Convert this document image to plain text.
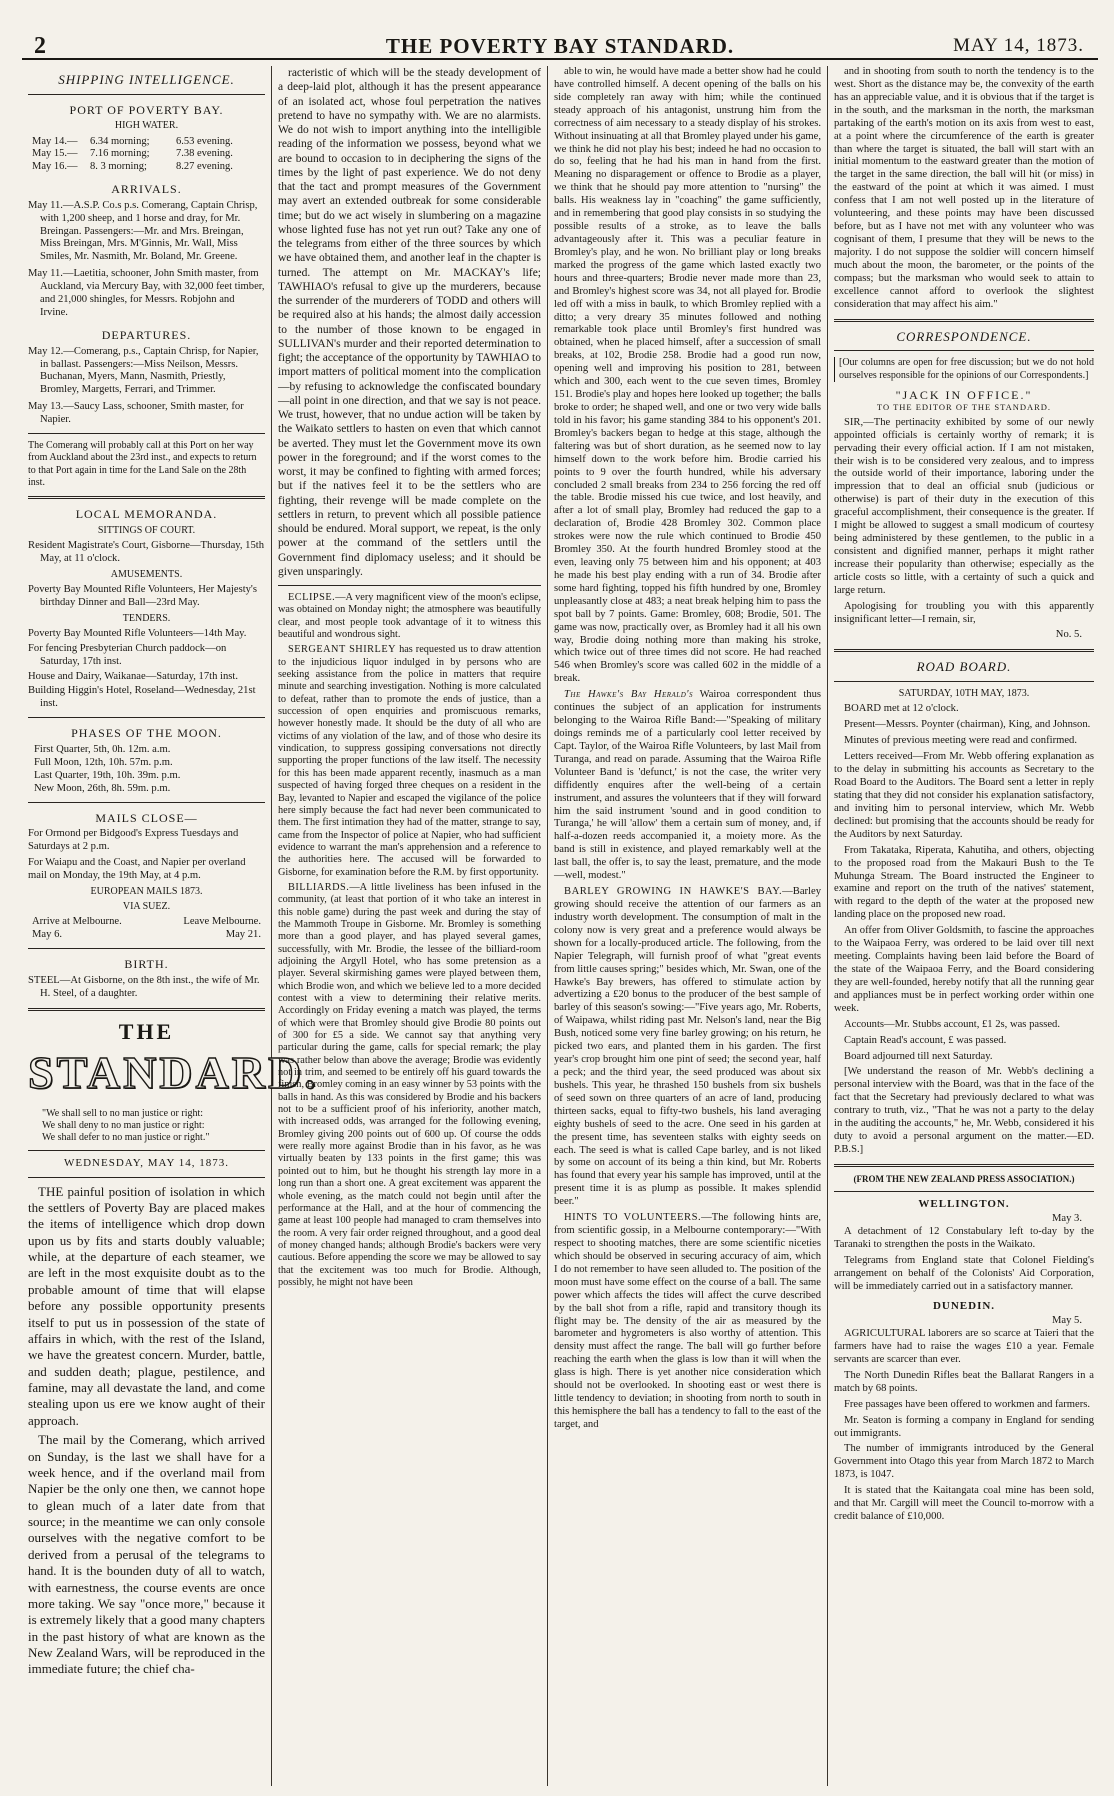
2	THE POVERTY BAY STANDARD.	MAY 14, 1873.
SHIPPING INTELLIGENCE.
PORT OF POVERTY BAY.
HIGH WATER.
May 14.—	6.34 morning;	6.53 evening.
May 15.—	7.16 morning;	7.38 evening.
May 16.—	8. 3 morning;	8.27 evening.
ARRIVALS.

May 11.—A.S.P. Co.s p.s. Comerang, Captain Chrisp, with 1,200 sheep, and 1 horse and dray, for Mr. Breingan. Passengers:—Mr. and Mrs. Breingan, Miss Breingan, Mrs. M'Ginnis, Mr. Wall, Miss Smiles, Mr. Nasmith, Mr. Boland, Mr. Greene.

May 11.—Laetitia, schooner, John Smith master, from Auckland, via Mercury Bay, with 32,000 feet timber, and 21,000 shingles, for Messrs. Robjohn and Irvine.

DEPARTURES.

May 12.—Comerang, p.s., Captain Chrisp, for Napier, in ballast. Passengers:—Miss Neilson, Messrs. Buchanan, Myers, Mann, Nasmith, Priestly, Bromley, Margetts, Ferrari, and Trimmer.

May 13.—Saucy Lass, schooner, Smith master, for Napier.

The Comerang will probably call at this Port on her way from Auckland about the 23rd inst., and expects to return to that Port again in time for the Land Sale on the 28th inst.

LOCAL MEMORANDA.
SITTINGS OF COURT.

Resident Magistrate's Court, Gisborne—Thursday, 15th May, at 11 o'clock.

AMUSEMENTS.

Poverty Bay Mounted Rifle Volunteers, Her Majesty's birthday Dinner and Ball—23rd May.

TENDERS.

Poverty Bay Mounted Rifle Volunteers—14th May.

For fencing Presbyterian Church paddock—on Saturday, 17th inst.

House and Dairy, Waikanae—Saturday, 17th inst.

Building Higgin's Hotel, Roseland—Wednesday, 21st inst.

PHASES OF THE MOON.
First Quarter, 5th, 0h. 12m. a.m.
Full Moon, 12th, 10h. 57m. p.m.
Last Quarter, 19th, 10h. 39m. p.m.
New Moon, 26th, 8h. 59m. p.m.
MAILS CLOSE—

For Ormond per Bidgood's Express Tuesdays and Saturdays at 2 p.m.

For Waiapu and the Coast, and Napier per overland mail on Monday, the 19th May, at 4 p.m.

EUROPEAN MAILS 1873.
VIA SUEZ.
Arrive at Melbourne.	Leave Melbourne.
May 6.	May 21.
BIRTH.

STEEL—At Gisborne, on the 8th inst., the wife of Mr. H. Steel, of a daughter.

THE
STANDARD.
"We shall sell to no man justice or right:
We shall deny to no man justice or right:
We shall defer to no man justice or right."
WEDNESDAY, MAY 14, 1873.

THE painful position of isolation in which the settlers of Poverty Bay are placed makes the items of intelligence which drop down upon us by fits and starts doubly valuable; while, at the departure of each steamer, we are left in the most exquisite doubt as to the probable amount of time that will elapse before any possible opportunity presents itself to put us in possession of the state of affairs in which, with the rest of the Island, we have the greatest concern. Murder, battle, and sudden death; plague, pestilence, and famine, may all devastate the land, and come stealing upon us ere we know aught of their approach.

The mail by the Comerang, which arrived on Sunday, is the last we shall have for a week hence, and if the overland mail from Napier be the only one then, we cannot hope to glean much of a later date from that source; in the meantime we can only console ourselves with the negative comfort to be derived from a perusal of the telegrams to hand. It is the bounden duty of all to watch, with earnestness, the course events are once more taking. We say "once more," because it is extremely likely that a good many chapters in the past history of what are known as the New Zealand Wars, will be reproduced in the immediate future; the chief cha-

racteristic of which will be the steady development of a deep-laid plot, although it has the present appearance of an isolated act, whose foul perpetration the natives pretend to have no sympathy with. We are no alarmists. We do not wish to import anything into the intelligible reading of the information we possess, beyond what we are bound to occasion to in deciphering the signs of the times by the light of past experience. We do not deny that the tact and prompt measures of the Government may avert an extended outbreak for some considerable time; but do we act wisely in slumbering on a magazine whose lighted fuse has not yet run out? Take any one of the telegrams from either of the three sources by which we have obtained them, and another leaf in the chapter is turned. The attempt on Mr. MACKAY's life; TAWHIAO's refusal to give up the murderers, because the surrender of the murderers of TODD and others will be required also at his hands; the almost daily accession to the number of those known to be engaged in SULLIVAN's murder and their reported determination to fight; the acceptance of the opportunity by TAWHIAO to import matters of political moment into the complication—by refusing to acknowledge the confiscated boundary—all point in one direction, and that we say is not peace. We trust, however, that no undue action will be taken by the Waikato settlers to hasten on even that which cannot be averted. They must let the Government move its own power in the foreground; and if the worst comes to the worst, it may be confined to fighting with armed forces; but if the natives feel it to be the settlers who are fighting, their revenge will be made complete on the settlers in return, to prevent which all possible patience should be endured. Moral support, we repeat, is the only power at the command of the settlers until the Government find diplomacy useless; and it should be given unsparingly.

ECLIPSE.—A very magnificent view of the moon's eclipse, was obtained on Monday night; the atmosphere was beautifully clear, and most people took advantage of it to witness this beautiful and wondrous sight.

SERGEANT SHIRLEY has requested us to draw attention to the injudicious liquor indulged in by persons who are seeking assistance from the police in matters that require minute and searching investigation. Nothing is more calculated to defeat, rather than to promote the ends of justice, than a succession of open enquiries and promiscuous remarks, however honestly made. It should be the duty of all who are victims of any violation of the law, and of those who desire its vindication, to suppress gossiping conversations not directly supporting the proper functions of the law itself. The necessity for this has been made apparent recently, inasmuch as a man suspected of having forged three cheques on a resident in the Bay, levanted to Napier and escaped the vigilance of the police here simply because the fact had never been communicated to them. The first intimation they had of the matter, strange to say, came from the Inspector of police at Napier, who had sufficient evidence to warrant the man's apprehension and a reference to the authorities here. The accused will be forwarded to Gisborne, for examination before the R.M. by first opportunity.

BILLIARDS.—A little liveliness has been infused in the community, (at least that portion of it who take an interest in this noble game) during the past week and during the stay of the Mammoth Troupe in Gisborne. Mr. Bromley is something more than a good player, and has played several games, successfully, with Mr. Brodie, the lessee of the billiard-room adjoining the Argyll Hotel, who has some pretension as a player. Several skirmishing games were played between them, which Brodie won, and which we believe led to a more decided contest with a view to determining their relative merits. Accordingly on Friday evening a match was played, the terms of which were that Bromley should give Brodie 80 points out of 300 for £5 a side. We cannot say that anything very particular during the game, calls for special remark; the play was rather below than above the average; Brodie was evidently not in trim, and seemed to be entirely off his guard towards the finish, Bromley coming in an easy winner by 53 points with the balls in hand. As this was considered by Brodie and his backers not to be a sufficient proof of his inferiority, another match, with increased odds, was arranged for the following evening, Bromley giving 200 points out of 600 up. Of course the odds were really more against Brodie than in his favor, as he was virtually beaten by 133 points in the first game; this was pointed out to him, but he thought his strength lay more in a long run than a short one. A great excitement was apparent the whole evening, as the match could not begin until after the performance at the Hall, and at the hour of commencing the game at least 100 people had managed to cram themselves into the room. A very fair order reigned throughout, and a good deal of money changed hands; although Brodie's backers were very cautious. Before appending the score we may be allowed to say that the excitement was too much for Brodie. Although, possibly, he might not have been

able to win, he would have made a better show had he could have controlled himself. A decent opening of the balls on his side completely ran away with him; while the continued steady approach of his antagonist, unstrung him from the correctness of aim necessary to a steady display of his strokes. Without insinuating at all that Bromley played under his game, we think he did not play his best; indeed he had no occasion to do so, feeling that he had his man in hand from the first. Meaning no disparagement or offence to Brodie as a player, we think that he should pay more attention to "nursing" the balls. His weakness lay in "coaching" the game sufficiently, and in remembering that good play consists in so studying the possible results of a stroke, as to leave the balls advantageously after it. This was a peculiar feature in Bromley's play, and he won. No brilliant play or long breaks marked the progress of the game which lasted exactly two hours and three-quarters; Brodie never made more than 23, and Bromley's highest score was 34, not all played for. Brodie led off with a miss in baulk, to which Bromley replied with a ditto; a very dreary 35 minutes followed and nothing remarkable took place until Bromley's first hundred was obtained, when he placed himself, after a succession of small breaks, at 102, Brodie 258. Brodie had a good run now, opening well and improving his position to 281, between which and 300, each went to the cue seven times, Bromley 151. Brodie's play and hopes here looked up together; the balls broke to order; he shaped well, and one or two very wide balls told in his favor; his game standing 384 to his opponent's 201. Bromley's backers began to hedge at this stage, although the faltering was but of short duration, as he seemed now to lay himself down to the work before him. Brodie carried his points to 9 over the fourth hundred, while his adversary concluded 2 small breaks from 234 to 256 forcing the red off the table. Brodie missed his cue twice, and lost heavily, and after a lot of small play, Bromley had reduced the gap to a declaration of, Brodie 428 Bromley 302. Common place strokes were now the rule which continued to Brodie 450 Bromley 350. At the fourth hundred Bromley stood at the even, leaving only 75 between him and his opponent; at 403 he made his best play ending with a run of 34. Brodie after some hard fighting, topped his fifth hundred by one, Bromley unpleasantly close at 483; a neat break helping him to pass the spot ball by 7 points. Game: Bromley, 608; Brodie, 501. The game was now, practically over, as Bromley had it all his own way, Brodie doing nothing more than making his stroke, which twice out of three times did not score. He had reached 546 when Bromley's score was called 602 in the middle of a break.

The Hawke's Bay Herald's Wairoa correspondent thus continues the subject of an application for instruments belonging to the Wairoa Rifle Band:—"Speaking of military doings reminds me of a particularly cool letter received by Capt. Taylor, of the Wairoa Rifle Volunteers, by last Mail from Turanga, and read on parade. Assuming that the Wairoa Rifle Volunteer Band is 'defunct,' is not the case, the writer very diffidently enquires after the well-being of a certain instrument, and assures the volunteers that if they will forward him the said instrument 'sound and in good condition to Turanga,' he will 'allow' them a certain sum of money, and, if half-a-dozen reeds accompanied it, a moiety more. As the band is still in existence, and played remarkably well at the last ball, the offer is, to say the least, premature, and the mode—well, modest."

BARLEY GROWING IN HAWKE'S BAY.—Barley growing should receive the attention of our farmers as an industry worth development. The consumption of malt in the colony now is very great and a preference would always be shown for a locally-produced article. The following, from the Napier Telegraph, will furnish proof of what "great events from little causes spring;" besides which, Mr. Swan, one of the Hawke's Bay brewers, has offered to stimulate action by advertizing a £20 bonus to the producer of the best sample of barley of this season's sowing:—"Five years ago, Mr. Roberts, of Waipawa, whilst riding past Mr. Nelson's land, near the Big Bush, noticed some very fine barley growing; on his return, he picked two ears, and planted them in his garden. The first year's crop brought him one pint of seed; the second year, half a peck; and the third year, the seed produced was about six bushels. This year, he thrashed 150 bushels from six bushels of seed sown on three quarters of an acre of land, producing thirteen sacks, equal to fifty-two bushels, his land averaging eighty bushels of seed to the acre. One seed in his garden at the present time, has seventeen stalks with eighty seeds on each. The seed is what is called Cape barley, and is not liked by some on account of its being a thin kind, but Mr. Roberts has found that every year his sample has improved, until at the present time it is as plump as possible. It makes splendid beer."

HINTS TO VOLUNTEERS.—The following hints are, from scientific gossip, in a Melbourne contemporary:—"With respect to shooting matches, there are some scientific niceties which should be observed in securing accuracy of aim, which I do not remember to have seen alluded to. The position of the moon must have some effect on the course of a ball. The same power which affects the tides will affect the curve described by the ball shot from a rifle, rapid and transitory though its flight may be. The density of the air as measured by the barometer and hygrometers is also worthy of attention. This density must affect the range. The ball will go further before reaching the earth when the glass is low than it will when the glass is high. There is yet another nice consideration which should not be overlooked. In shooting east or west there is little tendency to deviation; in shooting from north to south in this hemisphere the ball has a tendency to fall to the east of the target, and

and in shooting from south to north the tendency is to the west. Short as the distance may be, the convexity of the earth has an appreciable value, and it is obvious that if the target is in the south, and the marksman in the north, the marksman partaking of the earth's motion on its axis from west to east, at a point where the circumference of the earth is greater than where the target is situated, the ball will start with an initial momentum to the eastward greater than the motion of the target in the same direction, the ball will hit (or miss) in the eastward of the point at which it was aimed. I must confess that I am not well posted up in the literature of volunteering, and these points may have been discussed before, but as I have not met with any volunteer who was cognisant of them, I presume that they will be news to the majority. I do not suppose the soldier will concern himself much about the moon, the barometer, or the points of the compass; but the marksman who would seek to attain to excellence cannot afford to overlook the slightest consideration that may affect his aim."

CORRESPONDENCE.

[Our columns are open for free discussion; but we do not hold ourselves responsible for the opinions of our Correspondents.]

"JACK IN OFFICE."
TO THE EDITOR OF THE STANDARD.

SIR,—The pertinacity exhibited by some of our newly appointed officials is certainly worthy of remark; it is pervading their every official action. If I am not mistaken, their wish is to be considered very zealous, and to impress the outside world of their importance, laboring under the impression that to deal an official snub (judicious or otherwise) is part of their duty in the execution of this graceful accomplishment, their consequence is the greater. If I might be allowed to suggest a small modicum of courtesy being administered by these gentlemen, to the public in a consistent and dignified manner, perhaps it might rather increase their popularity than otherwise; especially as the article costs so little, with a certainty of such a quick and large return.

Apologising for troubling you with this apparently insignificant letter—I remain, sir,

No. 5.
ROAD BOARD.
SATURDAY, 10TH MAY, 1873.

BOARD met at 12 o'clock.

Present—Messrs. Poynter (chairman), King, and Johnson.

Minutes of previous meeting were read and confirmed.

Letters received—From Mr. Webb offering explanation as to the delay in submitting his accounts as Secretary to the Road Board to the Auditors. The Board sent a letter in reply stating that they did not consider his explanation satisfactory, and inviting him to personal interview, which Mr. Webb declined: but promising that the accounts should be ready for the Auditors by next Saturday.

From Takataka, Riperata, Kahutiha, and others, objecting to the proposed road from the Makauri Bush to the Te Muhunga Stream. The Board instructed the Engineer to examine and report on the truth of the natives' statement, with regard to the depth of the water at the proposed new landing place on the proposed new road.

An offer from Oliver Goldsmith, to fascine the approaches to the Waipaoa Ferry, was ordered to be laid over till next meeting. Complaints having been laid before the Board of the state of the Waipaoa Ferry, and the Board considering they are well-founded, hereby notify that all the running gear and appliances must be in perfect working order within one week.

Accounts—Mr. Stubbs account, £1 2s, was passed.

Captain Read's account, £ was passed.

Board adjourned till next Saturday.

[We understand the reason of Mr. Webb's declining a personal interview with the Board, was that in the face of the fact that the Secretary had previously declared to what was contrary to truth, viz., "That he was not a party to the delay in the auditing the accounts," he, Mr. Webb, considered it his duty to avoid a personal argument on the matter.—ED. P.B.S.]

(FROM THE NEW ZEALAND PRESS ASSOCIATION.)
WELLINGTON.
May 3.

A detachment of 12 Constabulary left to-day by the Taranaki to strengthen the posts in the Waikato.

Telegrams from England state that Colonel Fielding's arrangement on behalf of the Colonists' Aid Corporation, will be immediately carried out in a satisfactory manner.

DUNEDIN.
May 5.

AGRICULTURAL laborers are so scarce at Taieri that the farmers have had to raise the wages £10 a year. Female servants are scarcer than ever.

The North Dunedin Rifles beat the Ballarat Rangers in a match by 68 points.

Free passages have been offered to workmen and farmers.

Mr. Seaton is forming a company in England for sending out immigrants.

The number of immigrants introduced by the General Government into Otago this year from March 1872 to March 1873, is 1047.

It is stated that the Kaitangata coal mine has been sold, and that Mr. Cargill will meet the Council to-morrow with a credit balance of £10,000.
